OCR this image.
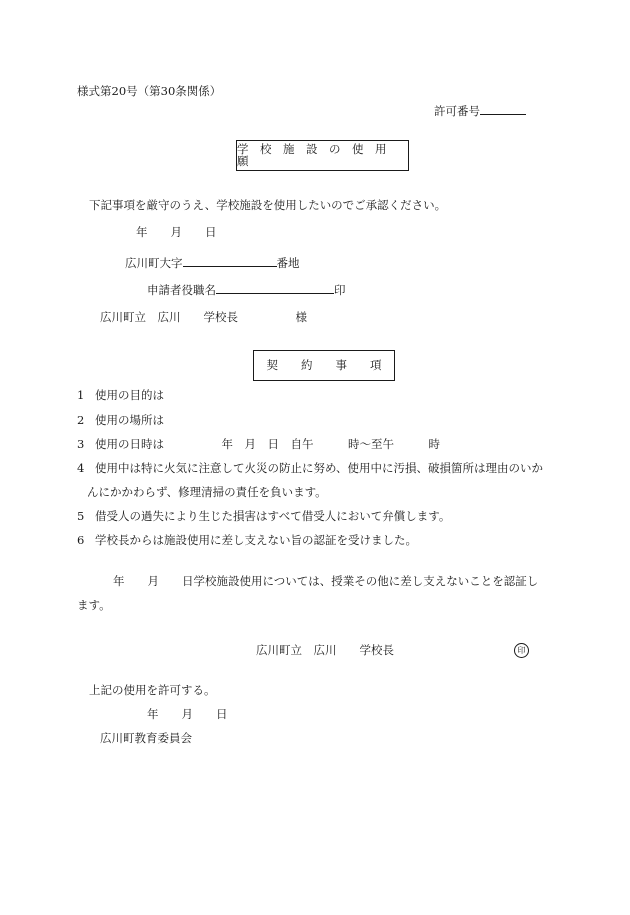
様式第20号（第30条関係）
許可番号
学　校　施　設　の　使　用　願
下記事項を厳守のうえ、学校施設を使用したいのでご承認ください。
年　　月　　日
広川町大字	番地
申請者役職名	印
広川町立　広川　　学校長　　　　　様
契　　約　　事　　項
1 使用の目的は
2 使用の場所は
3 使用の日時は　　　　　年　月　日　自午　　　時～至午　　　時
4 使用中は特に火気に注意して火災の防止に努め、使用中に汚損、破損箇所は理由のいか
んにかかわらず、修理清掃の責任を負います。
5 借受人の過失により生じた損害はすべて借受人において弁償します。
6 学校長からは施設使用に差し支えない旨の認証を受けました。
年　　月　　日学校施設使用については、授業その他に差し支えないことを認証し
ます。
広川町立　広川　　学校長	印
上記の使用を許可する。
年　　月　　日
広川町教育委員会
